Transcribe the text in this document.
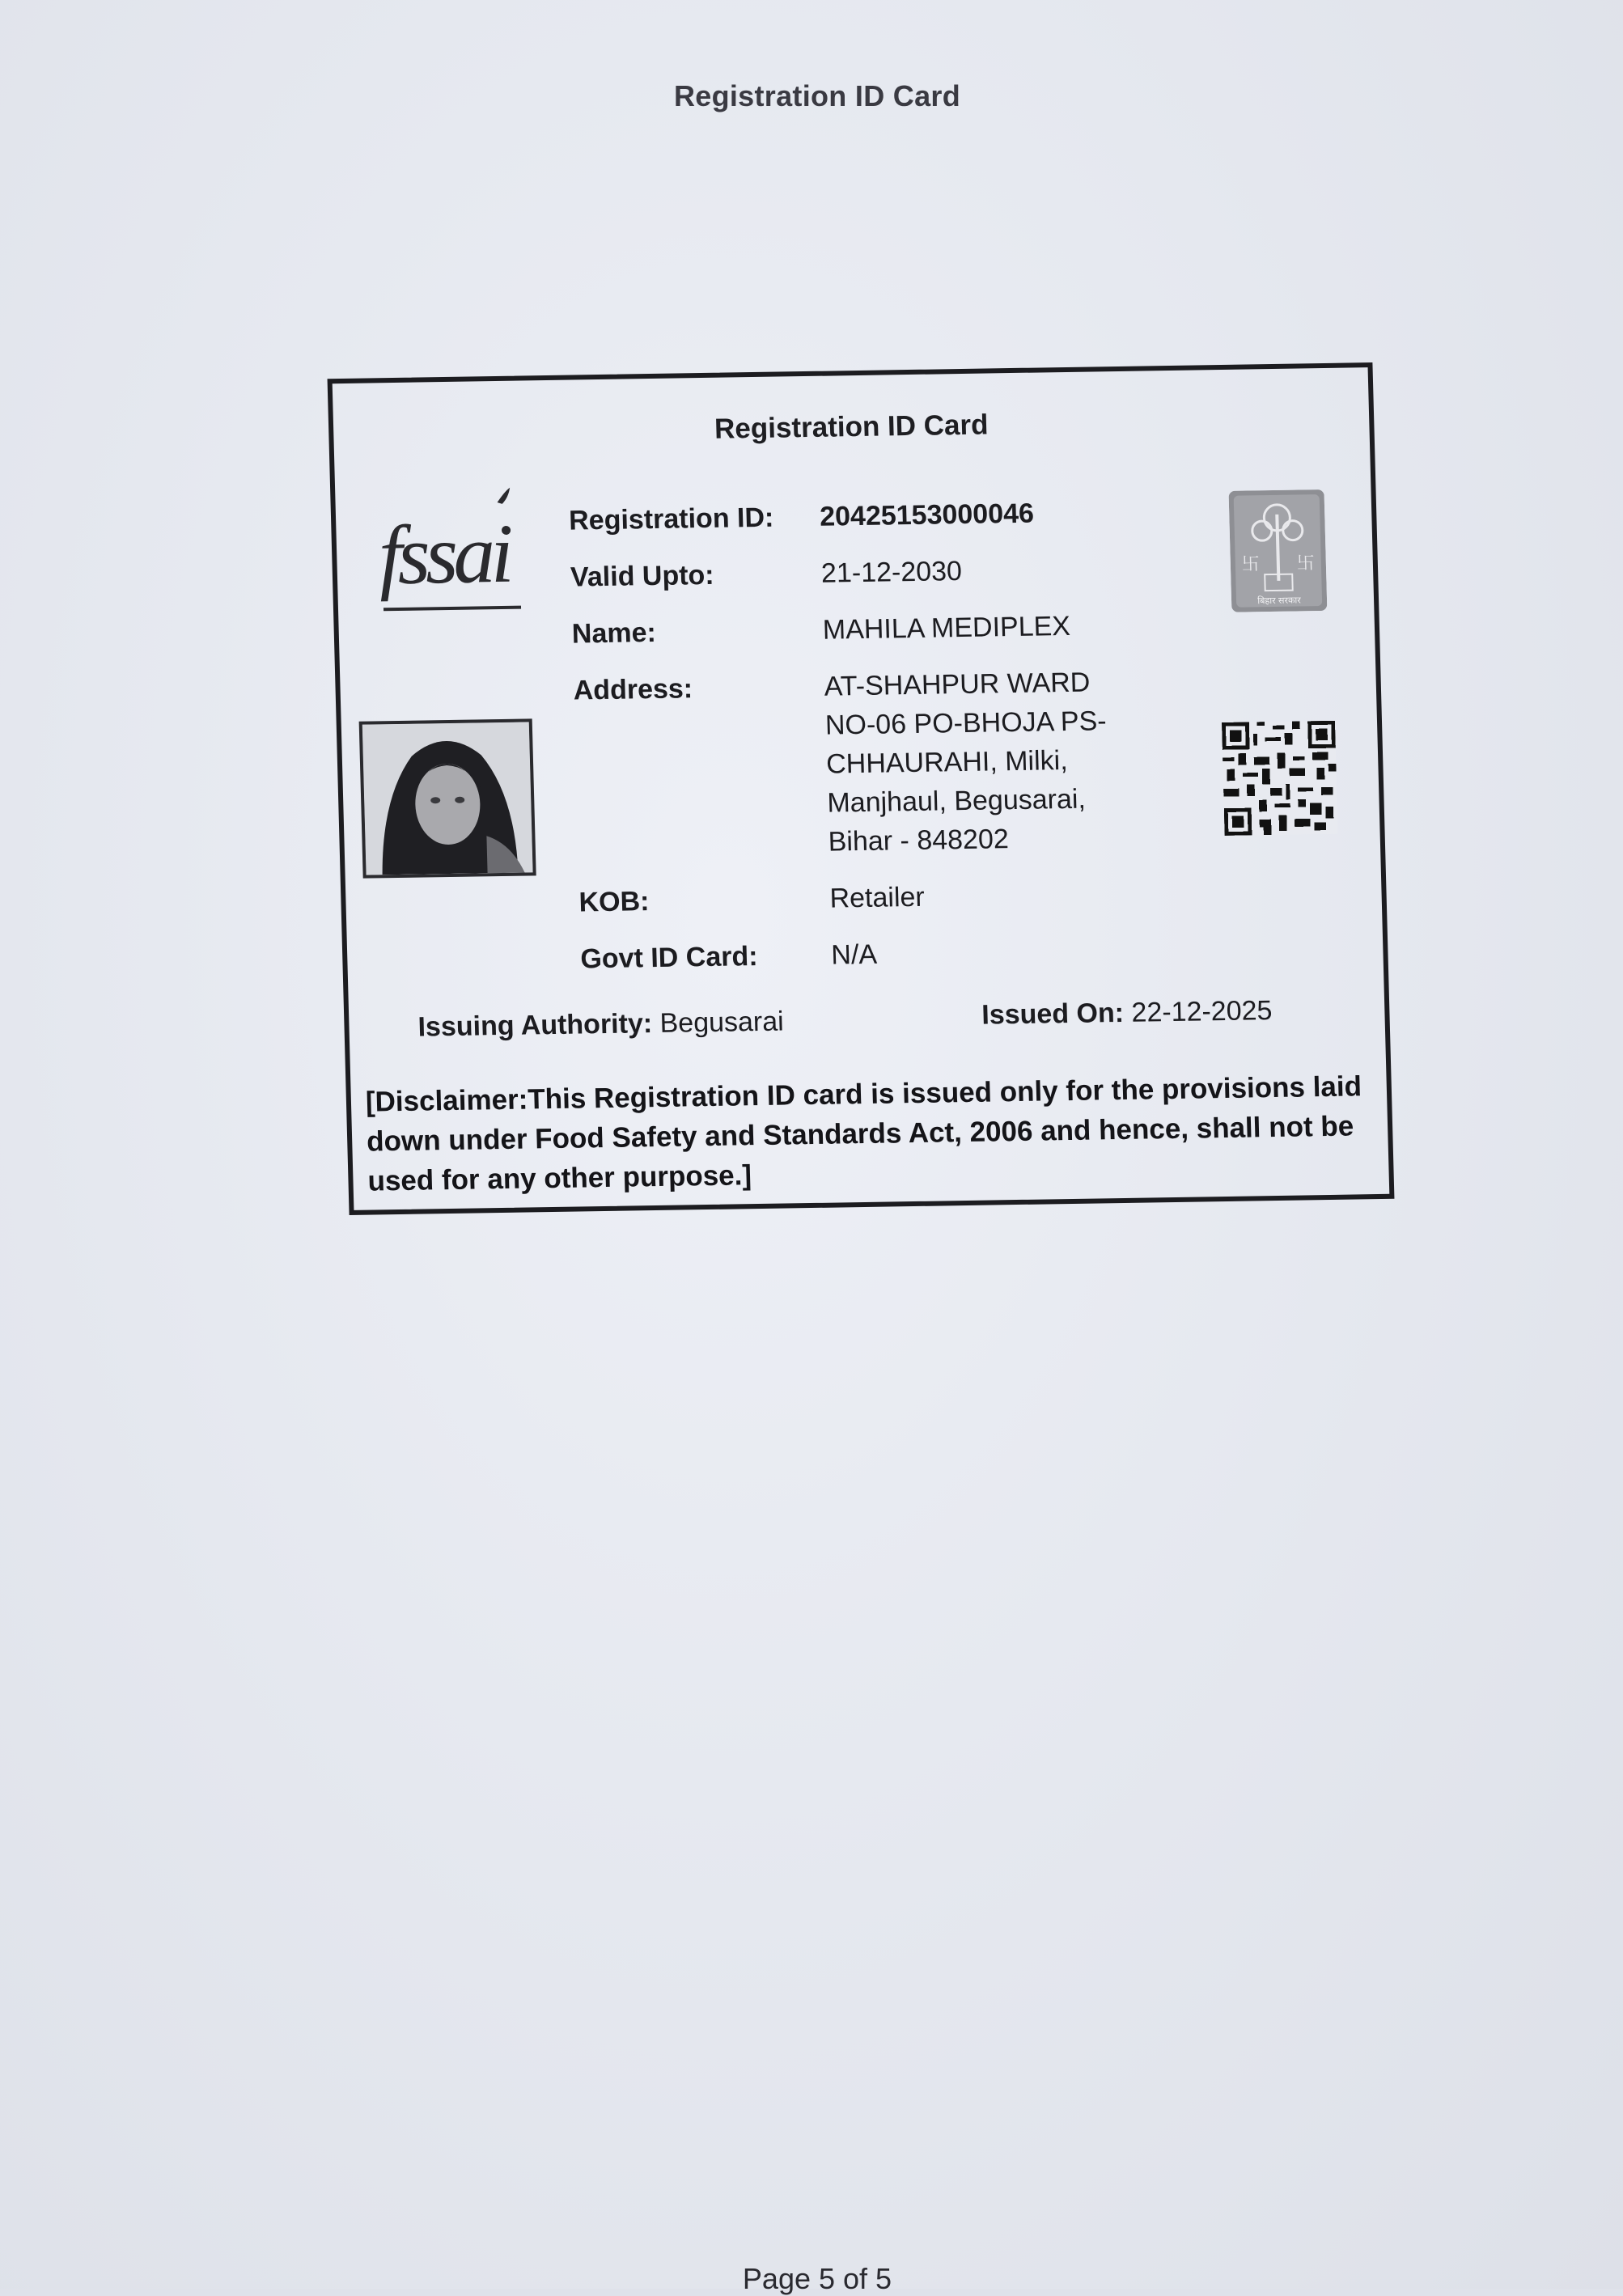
Registration ID Card
Registration ID Card
fssai	卐 卐
बिहार सरकार
Registration ID:	20425153000046
Valid Upto:	21-12-2030
Name:	MAHILA MEDIPLEX
Address:	AT-SHAHPUR WARD NO-06 PO-BHOJA PS-CHHAURAHI, Milki, Manjhaul, Begusarai, Bihar - 848202
KOB:	Retailer
Govt ID Card:	N/A
Issuing Authority: Begusarai	Issued On: 22-12-2025
[Disclaimer:This Registration ID card is issued only for the provisions laid down under Food Safety and Standards Act, 2006 and hence, shall not be used for any other purpose.]
Page 5 of 5
